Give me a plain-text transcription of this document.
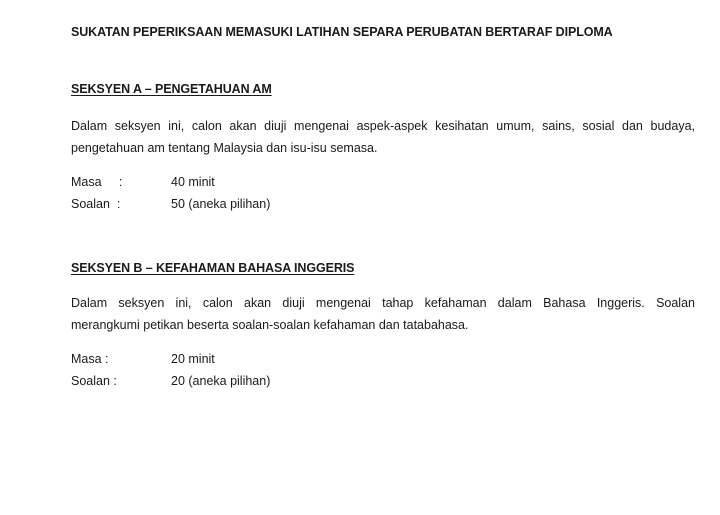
SUKATAN PEPERIKSAAN MEMASUKI LATIHAN SEPARA PERUBATAN BERTARAF DIPLOMA
SEKSYEN A – PENGETAHUAN AM
Dalam seksyen ini, calon akan diuji mengenai aspek-aspek kesihatan umum, sains, sosial dan budaya,
pengetahuan am tentang Malaysia dan isu-isu semasa.
Masa     :	40 minit
Soalan  :	50 (aneka pilihan)
SEKSYEN B – KEFAHAMAN BAHASA INGGERIS
Dalam seksyen ini, calon akan diuji mengenai tahap kefahaman dalam Bahasa Inggeris. Soalan
merangkumi petikan beserta soalan-soalan kefahaman dan tatabahasa.
Masa :	20 minit
Soalan :	20 (aneka pilihan)
